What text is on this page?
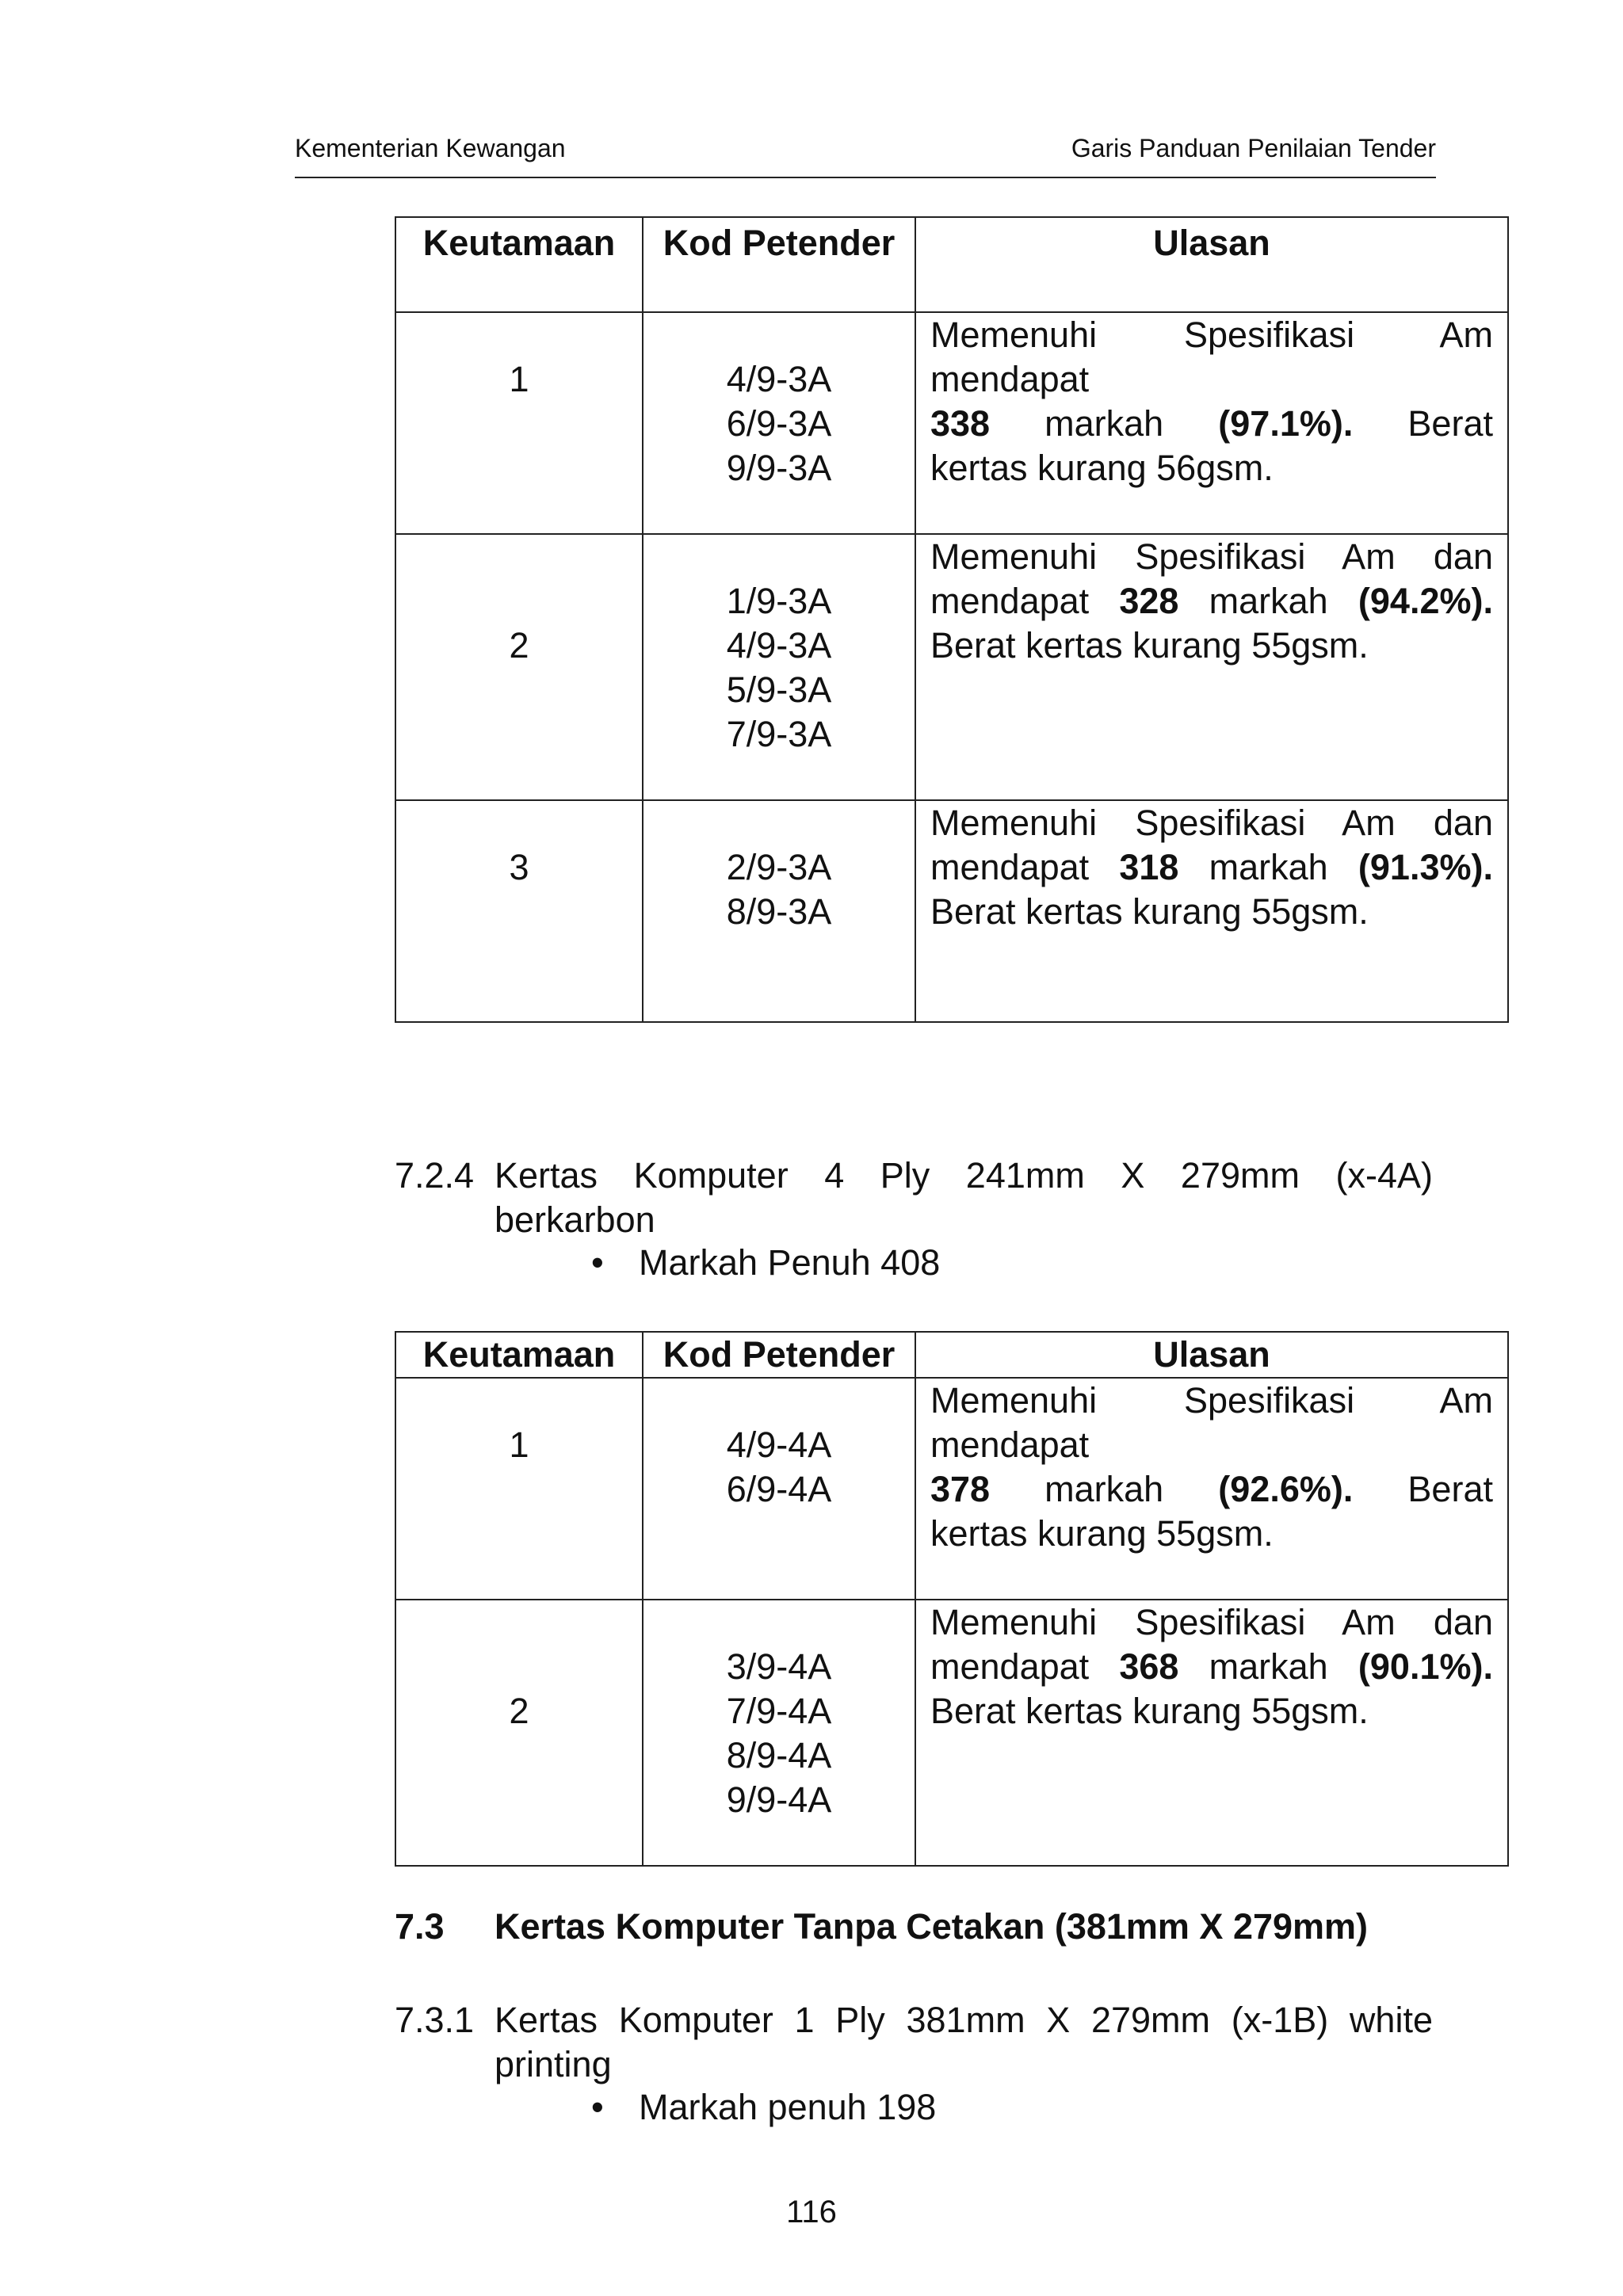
Kementerian Kewangan	Garis Panduan Penilaian Tender
Keutamaan	Kod Petender	Ulasan

1	4/9-3A
6/9-3A
9/9-3A	Memenuhi Spesifikasi Am mendapat
338 markah (97.1%). Berat
kertas kurang 56gsm.

2	1/9-3A
4/9-3A
5/9-3A
7/9-3A	Memenuhi Spesifikasi Am dan
mendapat 328 markah (94.2%).
Berat kertas kurang 55gsm.

3	2/9-3A
8/9-3A	Memenuhi Spesifikasi Am dan
mendapat 318 markah (91.3%).
Berat kertas kurang 55gsm.
7.2.4 Kertas Komputer 4 Ply 241mm X 279mm (x-4A)
berkarbon
• Markah Penuh 408
Keutamaan	Kod Petender	Ulasan

1	4/9-4A
6/9-4A	Memenuhi Spesifikasi Am mendapat
378 markah (92.6%). Berat
kertas kurang 55gsm.

2	3/9-4A
7/9-4A
8/9-4A
9/9-4A	Memenuhi Spesifikasi Am dan
mendapat 368 markah (90.1%).
Berat kertas kurang 55gsm.
7.3 Kertas Komputer Tanpa Cetakan (381mm X 279mm)
7.3.1 Kertas Komputer 1 Ply 381mm X 279mm (x-1B) white
printing
• Markah penuh 198
116
